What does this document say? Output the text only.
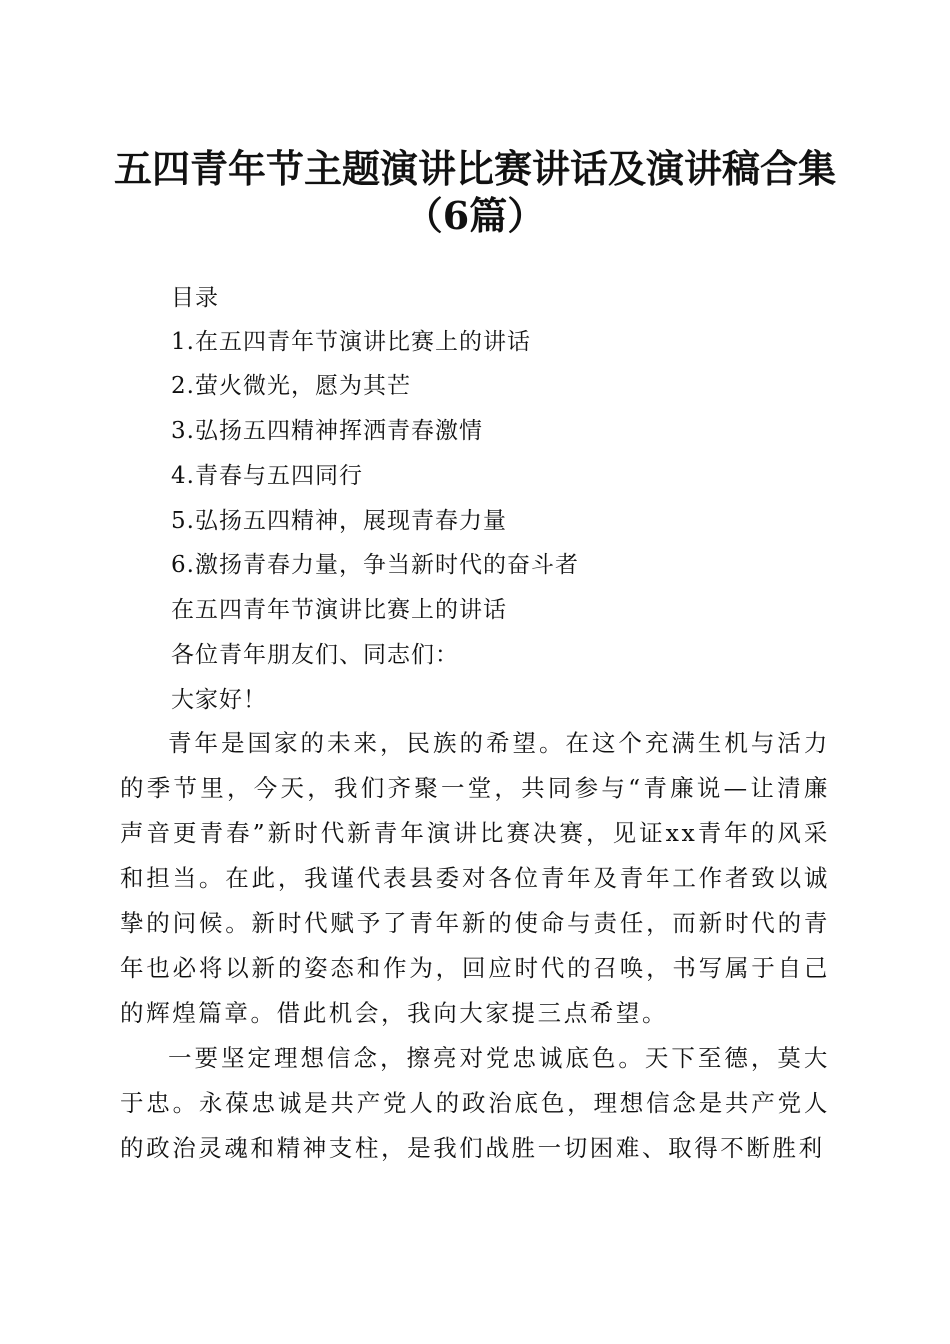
五四青年节主题演讲比赛讲话及演讲稿合集
（6篇）
目录
1.在五四青年节演讲比赛上的讲话
2.萤火微光，愿为其芒
3.弘扬五四精神挥洒青春激情
4.青春与五四同行
5.弘扬五四精神，展现青春力量
6.激扬青春力量，争当新时代的奋斗者
在五四青年节演讲比赛上的讲话
各位青年朋友们、同志们：
大家好！
青年是国家的未来，民族的希望。在这个充满生机与活力的季节里，今天，我们齐聚一堂，共同参与“青廉说—让清廉声音更青春”新时代新青年演讲比赛决赛，见证xx青年的风采和担当。在此，我谨代表县委对各位青年及青年工作者致以诚挚的问候。新时代赋予了青年新的使命与责任，而新时代的青年也必将以新的姿态和作为，回应时代的召唤，书写属于自己的辉煌篇章。借此机会，我向大家提三点希望。
一要坚定理想信念，擦亮对党忠诚底色。天下至德，莫大于忠。永葆忠诚是共产党人的政治底色，理想信念是共产党人的政治灵魂和精神支柱，是我们战胜一切困难、取得不断胜利
